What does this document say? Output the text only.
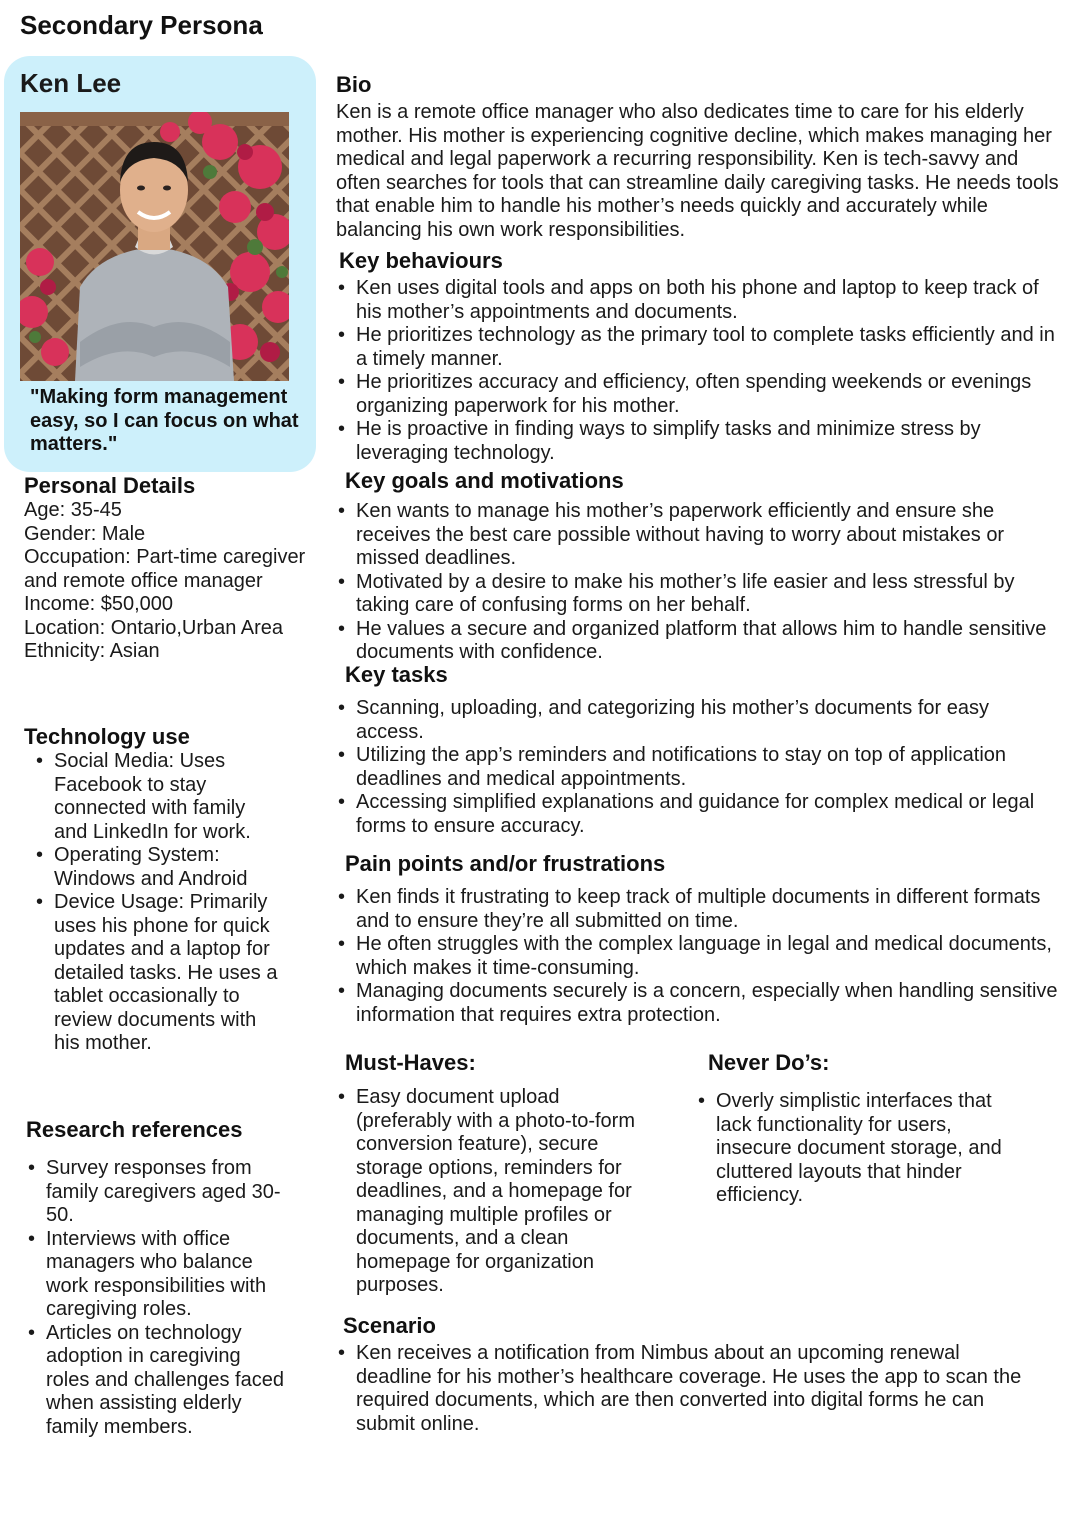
Secondary Persona
Ken Lee

"Making form management easy, so I can focus on what matters."

Personal Details

Age: 35-45

Gender: Male

Occupation: Part-time caregiver and remote office manager

Income: $50,000

Location: Ontario,Urban Area

Ethnicity: Asian

Technology use
• Social Media: Uses Facebook to stay connected with family and LinkedIn for work.
• Operating System: Windows and Android
• Device Usage: Primarily uses his phone for quick updates and a laptop for detailed tasks. He uses a tablet occasionally to review documents with his mother.
Research references
• Survey responses from family caregivers aged 30-50.
• Interviews with office managers who balance work responsibilities with caregiving roles.
• Articles on technology adoption in caregiving roles and challenges faced when assisting elderly family members.
Bio

Ken is a remote office manager who also dedicates time to care for his elderly mother. His mother is experiencing cognitive decline, which makes managing her medical and legal paperwork a recurring responsibility. Ken is tech-savvy and often searches for tools that can streamline daily caregiving tasks. He needs tools that enable him to handle his mother’s needs quickly and accurately while balancing his own work responsibilities.

Key behaviours
• Ken uses digital tools and apps on both his phone and laptop to keep track of his mother’s appointments and documents.
• He prioritizes technology as the primary tool to complete tasks efficiently and in a timely manner.
• He prioritizes accuracy and efficiency, often spending weekends or evenings organizing paperwork for his mother.
• He is proactive in finding ways to simplify tasks and minimize stress by leveraging technology.
Key goals and motivations
• Ken wants to manage his mother’s paperwork efficiently and ensure she receives the best care possible without having to worry about mistakes or missed deadlines.
• Motivated by a desire to make his mother’s life easier and less stressful by taking care of confusing forms on her behalf.
• He values a secure and organized platform that allows him to handle sensitive documents with confidence.
Key tasks
• Scanning, uploading, and categorizing his mother’s documents for easy access.
• Utilizing the app’s reminders and notifications to stay on top of application deadlines and medical appointments.
• Accessing simplified explanations and guidance for complex medical or legal forms to ensure accuracy.
Pain points and/or frustrations
• Ken finds it frustrating to keep track of multiple documents in different formats and to ensure they’re all submitted on time.
• He often struggles with the complex language in legal and medical documents, which makes it time-consuming.
• Managing documents securely is a concern, especially when handling sensitive information that requires extra protection.
Must-Haves:
• Easy document upload (preferably with a photo-to-form conversion feature), secure storage options, reminders for deadlines, and a homepage for managing multiple profiles or documents, and a clean homepage for organization purposes.
Never Do’s:
• Overly simplistic interfaces that lack functionality for users, insecure document storage, and cluttered layouts that hinder efficiency.
Scenario
• Ken receives a notification from Nimbus about an upcoming renewal deadline for his mother’s healthcare coverage. He uses the app to scan the required documents, which are then converted into digital forms he can submit online.
